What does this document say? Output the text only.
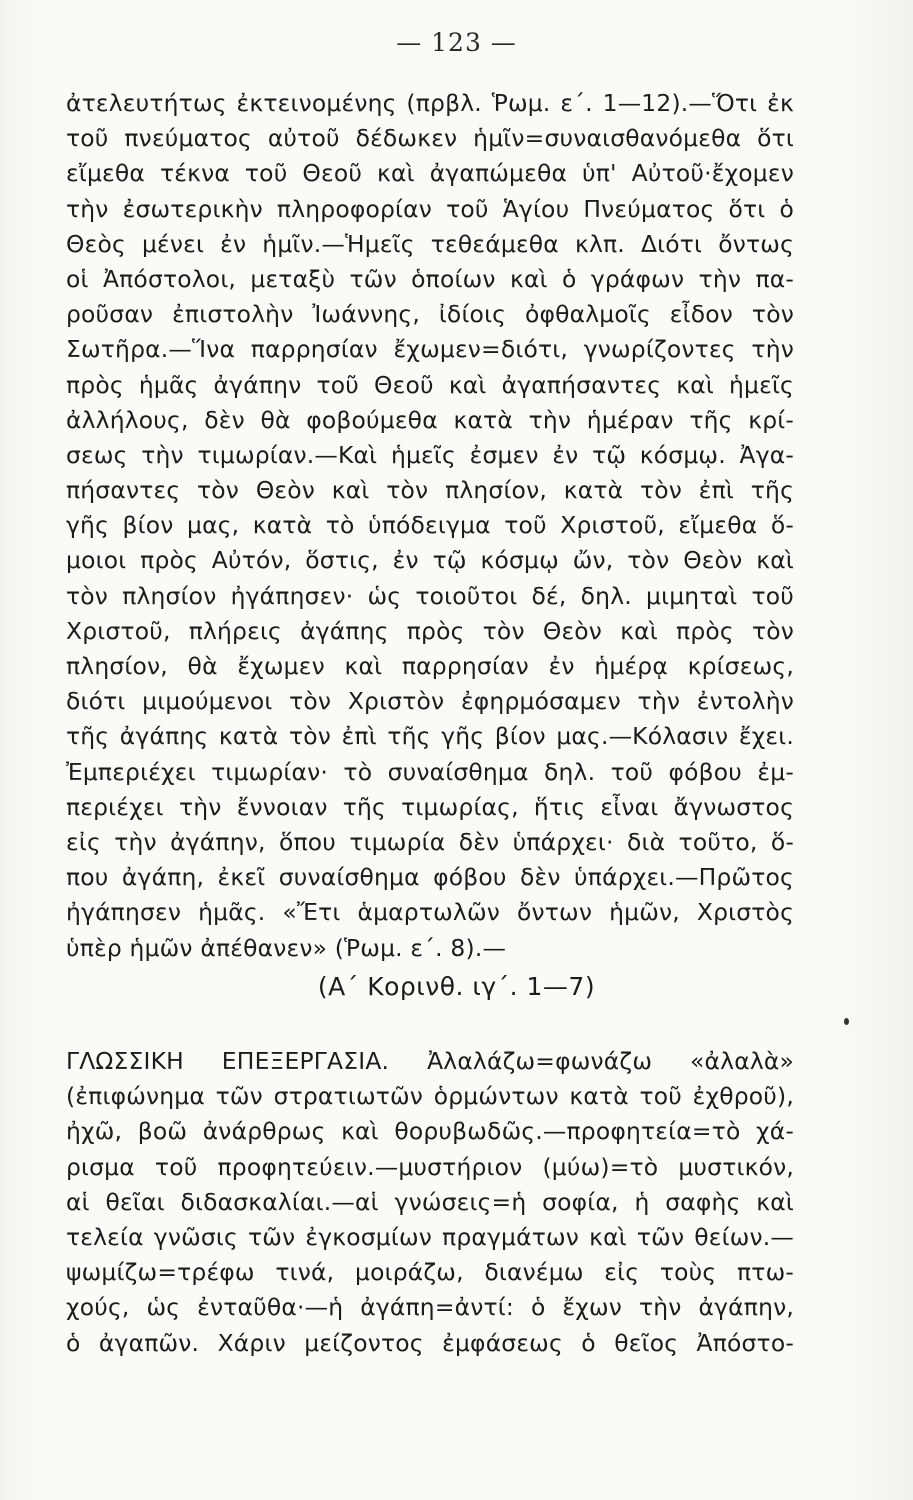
— 123 —
ἀτελευτήτως ἐκτεινομένης (πρβλ. Ῥωμ. ε΄. 1—12).—Ὅτι ἐκ
τοῦ πνεύματος αὐτοῦ δέδωκεν ἡμῖν=συναισθανόμεθα ὅτι
εἴμεθα τέκνα τοῦ Θεοῦ καὶ ἀγαπώμεθα ὑπ' Αὐτοῦ·ἔχομεν
τὴν ἐσωτερικὴν πληροφορίαν τοῦ Ἁγίου Πνεύματος ὅτι ὁ
Θεὸς μένει ἐν ἡμῖν.—Ἡμεῖς τεθεάμεθα κλπ. Διότι ὄντως
οἱ Ἀπόστολοι, μεταξὺ τῶν ὁποίων καὶ ὁ γράφων τὴν πα-
ροῦσαν ἐπιστολὴν Ἰωάννης, ἰδίοις ὀφθαλμοῖς εἶδον τὸν
Σωτῆρα.—Ἵνα παρρησίαν ἔχωμεν=διότι, γνωρίζοντες τὴν
πρὸς ἡμᾶς ἀγάπην τοῦ Θεοῦ καὶ ἀγαπήσαντες καὶ ἡμεῖς
ἀλλήλους, δὲν θὰ φοβούμεθα κατὰ τὴν ἡμέραν τῆς κρί-
σεως τὴν τιμωρίαν.—Καὶ ἡμεῖς ἐσμεν ἐν τῷ κόσμῳ. Ἀγα-
πήσαντες τὸν Θεὸν καὶ τὸν πλησίον, κατὰ τὸν ἐπὶ τῆς
γῆς βίον μας, κατὰ τὸ ὑπόδειγμα τοῦ Χριστοῦ, εἴμεθα ὅ-
μοιοι πρὸς Αὐτόν, ὅστις, ἐν τῷ κόσμῳ ὤν, τὸν Θεὸν καὶ
τὸν πλησίον ἠγάπησεν· ὡς τοιοῦτοι δέ, δηλ. μιμηταὶ τοῦ
Χριστοῦ, πλήρεις ἀγάπης πρὸς τὸν Θεὸν καὶ πρὸς τὸν
πλησίον, θὰ ἔχωμεν καὶ παρρησίαν ἐν ἡμέρᾳ κρίσεως,
διότι μιμούμενοι τὸν Χριστὸν ἐφηρμόσαμεν τὴν ἐντολὴν
τῆς ἀγάπης κατὰ τὸν ἐπὶ τῆς γῆς βίον μας.—Κόλασιν ἔχει.
Ἐμπεριέχει τιμωρίαν· τὸ συναίσθημα δηλ. τοῦ φόβου ἐμ-
περιέχει τὴν ἔννοιαν τῆς τιμωρίας, ἥτις εἶναι ἄγνωστος
εἰς τὴν ἀγάπην, ὅπου τιμωρία δὲν ὑπάρχει· διὰ τοῦτο, ὅ-
που ἀγάπη, ἐκεῖ συναίσθημα φόβου δὲν ὑπάρχει.—Πρῶτος
ἠγάπησεν ἡμᾶς. «Ἔτι ἁμαρτωλῶν ὄντων ἡμῶν, Χριστὸς
ὑπὲρ ἡμῶν ἀπέθανεν» (Ῥωμ. ε΄. 8).—
(Α΄ Κορινθ. ιγ΄. 1—7)
ΓΛΩΣΣΙΚΗ ΕΠΕΞΕΡΓΑΣΙΑ. Ἀλαλάζω=φωνάζω «ἀλαλὰ»
(ἐπιφώνημα τῶν στρατιωτῶν ὁρμώντων κατὰ τοῦ ἐχθροῦ),
ἠχῶ, βοῶ ἀνάρθρως καὶ θορυβωδῶς.—προφητεία=τὸ χά-
ρισμα τοῦ προφητεύειν.—μυστήριον (μύω)=τὸ μυστικόν,
αἱ θεῖαι διδασκαλίαι.—αἱ γνώσεις=ἡ σοφία, ἡ σαφὴς καὶ
τελεία γνῶσις τῶν ἐγκοσμίων πραγμάτων καὶ τῶν θείων.—
ψωμίζω=τρέφω τινά, μοιράζω, διανέμω εἰς τοὺς πτω-
χούς, ὡς ἐνταῦθα·—ἡ ἀγάπη=ἀντί: ὁ ἔχων τὴν ἀγάπην,
ὁ ἀγαπῶν. Χάριν μείζοντος ἐμφάσεως ὁ θεῖος Ἀπόστο-
